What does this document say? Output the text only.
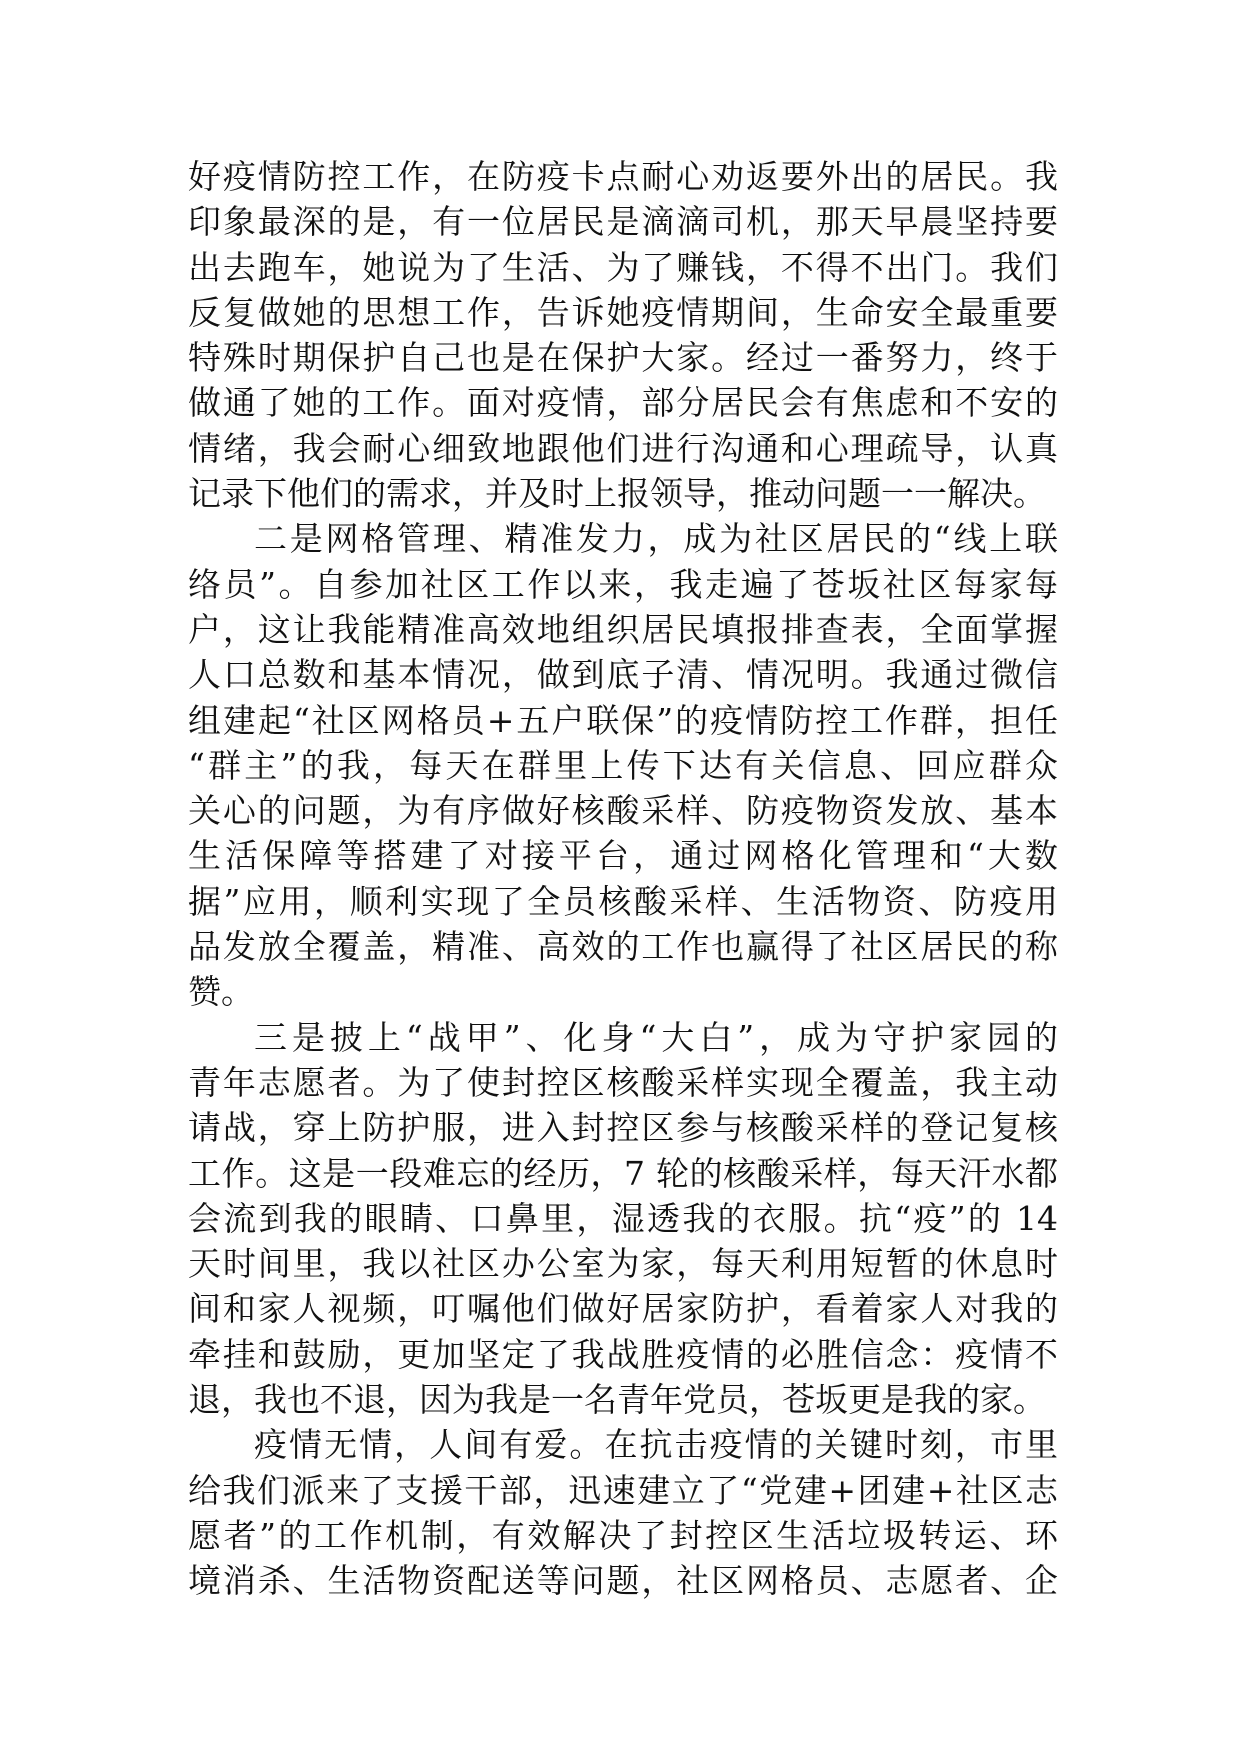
好疫情防控工作，在防疫卡点耐心劝返要外出的居民。我
印象最深的是，有一位居民是滴滴司机，那天早晨坚持要
出去跑车，她说为了生活、为了赚钱，不得不出门。我们
反复做她的思想工作，告诉她疫情期间，生命安全最重要
特殊时期保护自己也是在保护大家。经过一番努力，终于
做通了她的工作。面对疫情，部分居民会有焦虑和不安的
情绪，我会耐心细致地跟他们进行沟通和心理疏导，认真
记录下他们的需求，并及时上报领导，推动问题一一解决。
二是网格管理、精准发力，成为社区居民的“线上联
络员”。自参加社区工作以来，我走遍了苍坂社区每家每
户，这让我能精准高效地组织居民填报排查表，全面掌握
人口总数和基本情况，做到底子清、情况明。我通过微信
组建起“社区网格员+五户联保”的疫情防控工作群，担任
“群主”的我，每天在群里上传下达有关信息、回应群众
关心的问题，为有序做好核酸采样、防疫物资发放、基本
生活保障等搭建了对接平台，通过网格化管理和“大数
据”应用，顺利实现了全员核酸采样、生活物资、防疫用
品发放全覆盖，精准、高效的工作也赢得了社区居民的称
赞。
三是披上“战甲”、化身“大白”，成为守护家园的
青年志愿者。为了使封控区核酸采样实现全覆盖，我主动
请战，穿上防护服，进入封控区参与核酸采样的登记复核
工作。这是一段难忘的经历，7 轮的核酸采样，每天汗水都
会流到我的眼睛、口鼻里，湿透我的衣服。抗“疫”的 14
天时间里，我以社区办公室为家，每天利用短暂的休息时
间和家人视频，叮嘱他们做好居家防护，看着家人对我的
牵挂和鼓励，更加坚定了我战胜疫情的必胜信念：疫情不
退，我也不退，因为我是一名青年党员，苍坂更是我的家。
疫情无情，人间有爱。在抗击疫情的关键时刻，市里
给我们派来了支援干部，迅速建立了“党建+团建+社区志
愿者”的工作机制，有效解决了封控区生活垃圾转运、环
境消杀、生活物资配送等问题，社区网格员、志愿者、企
